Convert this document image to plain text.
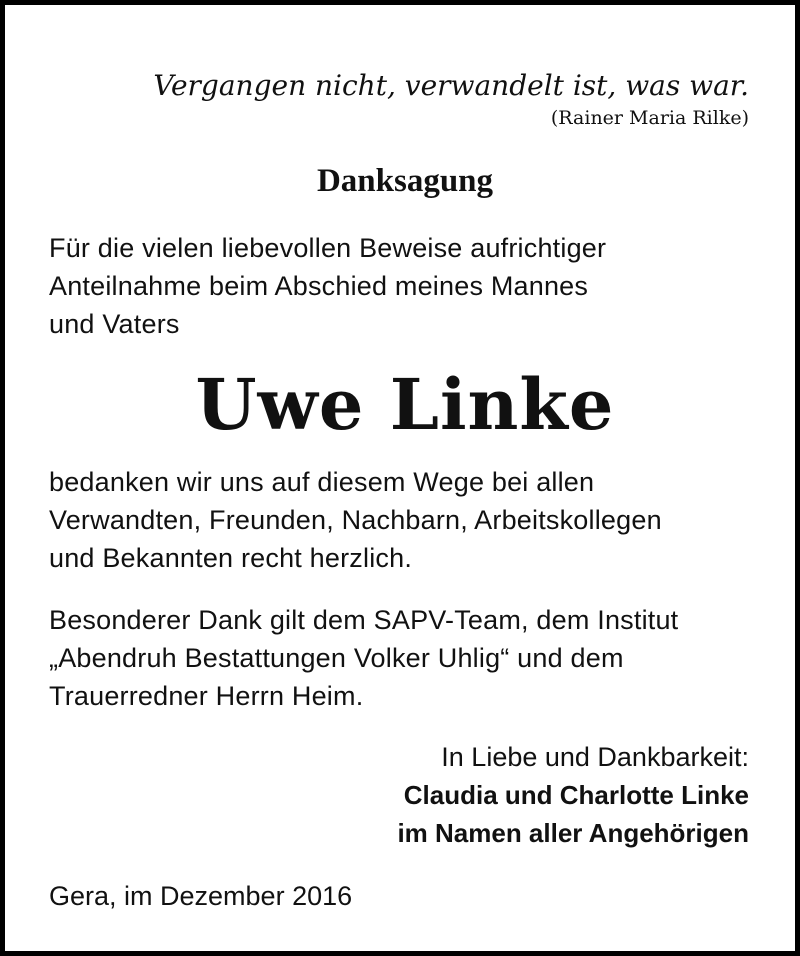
Vergangen nicht, verwandelt ist, was war.
(Rainer Maria Rilke)
Danksagung
Für die vielen liebevollen Beweise aufrichtiger
Anteilnahme beim Abschied meines Mannes
und Vaters
Uwe Linke
bedanken wir uns auf diesem Wege bei allen
Verwandten, Freunden, Nachbarn, Arbeitskollegen
und Bekannten recht herzlich.
Besonderer Dank gilt dem SAPV-Team, dem Institut
„Abendruh Bestattungen Volker Uhlig“ und dem
Trauerredner Herrn Heim.
In Liebe und Dankbarkeit:
Claudia und Charlotte Linke
im Namen aller Angehörigen
Gera, im Dezember 2016
